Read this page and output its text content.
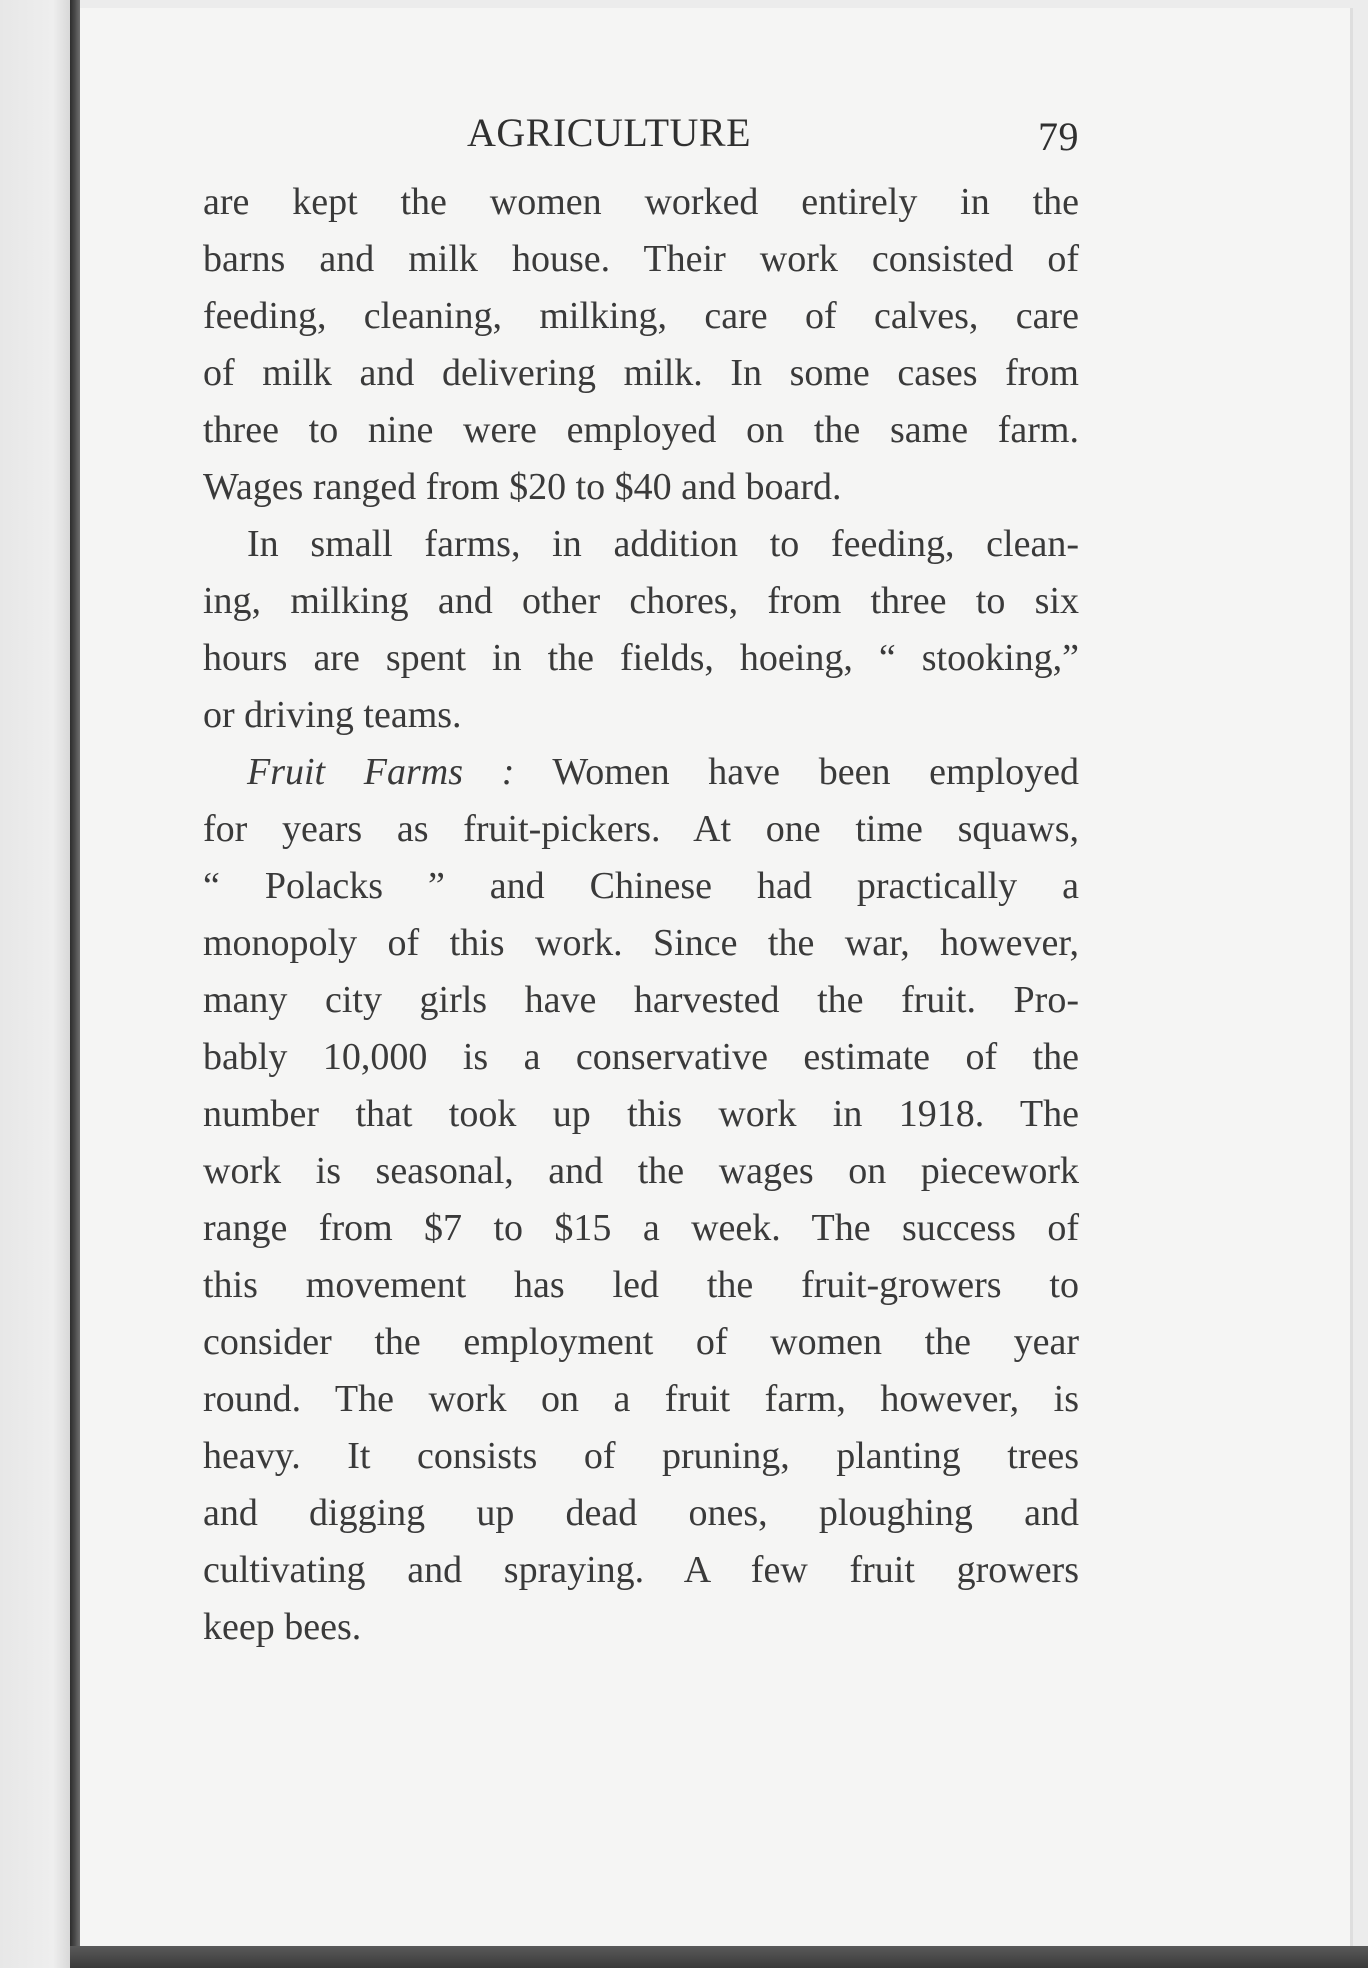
AGRICULTURE	79
are kept the women worked entirely in the
barns and milk house. Their work consisted of
feeding, cleaning, milking, care of calves, care
of milk and delivering milk. In some cases from
three to nine were employed on the same farm.
Wages ranged from $20 to $40 and board.
In small farms, in addition to feeding, clean-
ing, milking and other chores, from three to six
hours are spent in the fields, hoeing, “ stooking,”
or driving teams.
Fruit Farms : Women have been employed
for years as fruit-pickers. At one time squaws,
“ Polacks ” and Chinese had practically a
monopoly of this work. Since the war, however,
many city girls have harvested the fruit. Pro-
bably 10,000 is a conservative estimate of the
number that took up this work in 1918. The
work is seasonal, and the wages on piecework
range from $7 to $15 a week. The success of
this movement has led the fruit-growers to
consider the employment of women the year
round. The work on a fruit farm, however, is
heavy. It consists of pruning, planting trees
and digging up dead ones, ploughing and
cultivating and spraying. A few fruit growers
keep bees.
